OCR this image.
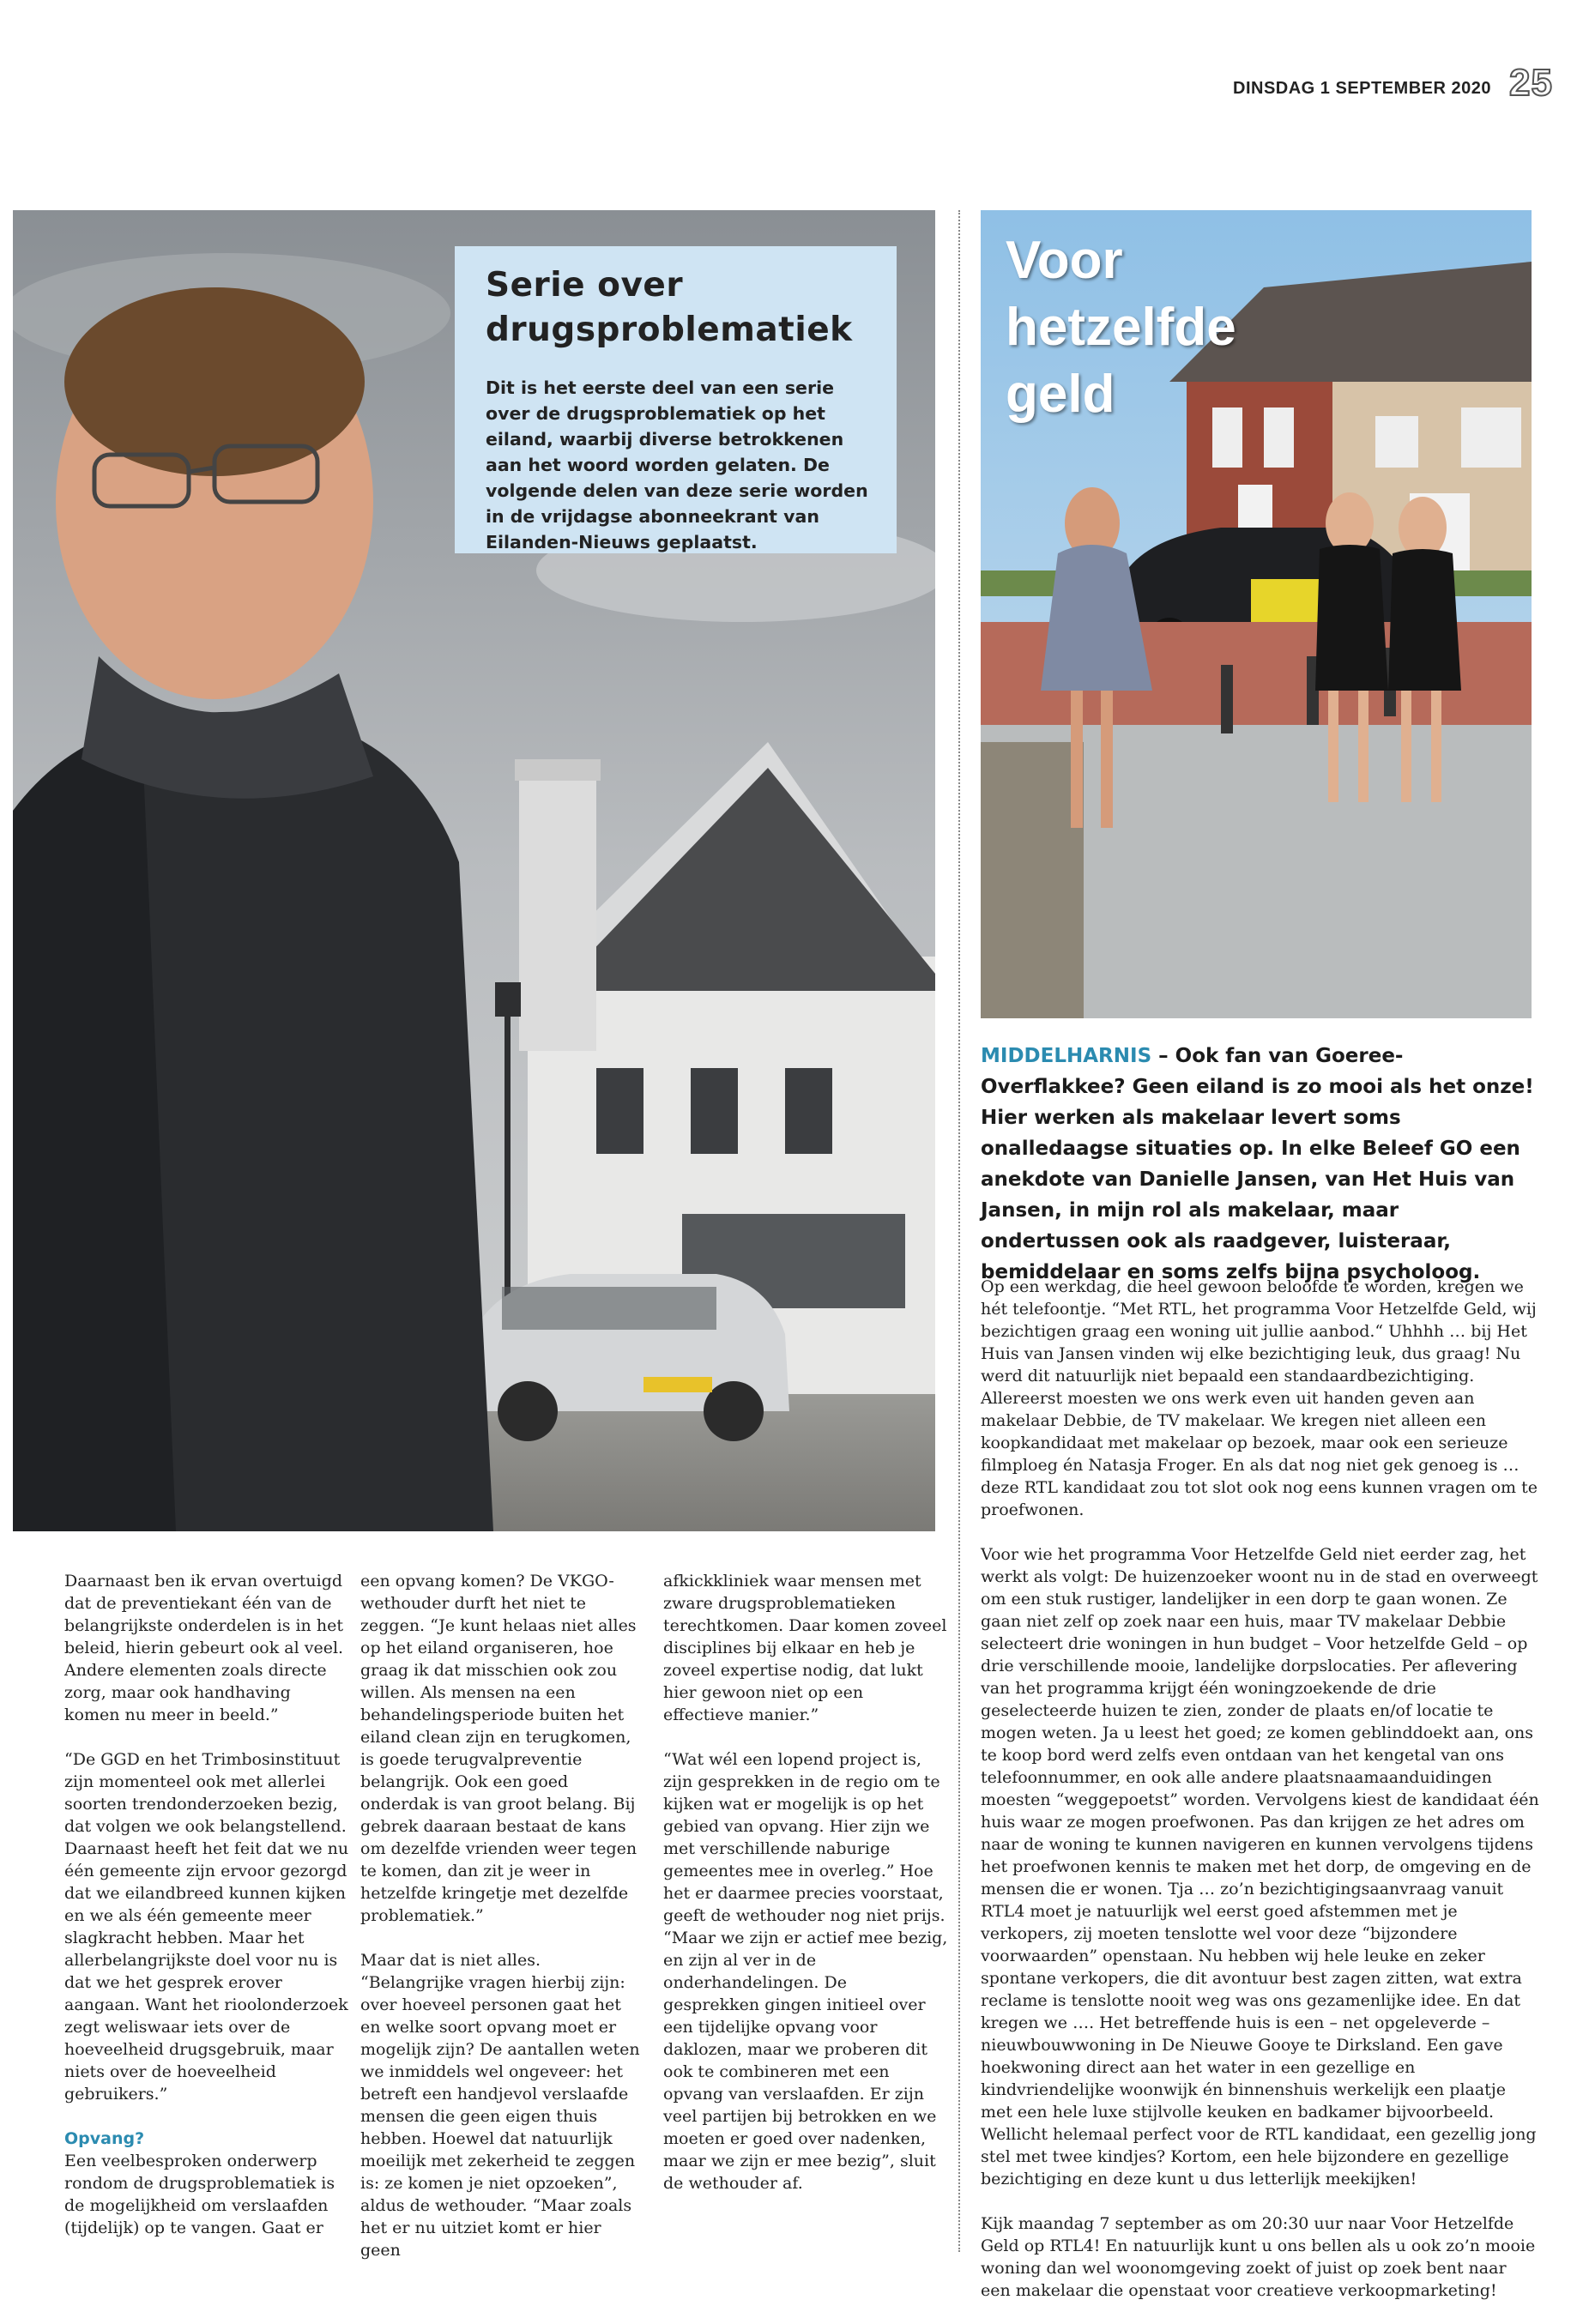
DINSDAG 1 SEPTEMBER 2020 25
Serie over
drugsproblematiek

Dit is het eerste deel van een serie over de drugsproblematiek op het eiland, waarbij diverse betrokkenen aan het woord worden gelaten. De volgende delen van deze serie worden in de vrijdagse abonneekrant van Eilanden-Nieuws geplaatst.

Voor
hetzelfde
geld
MIDDELHARNIS – Ook fan van Goeree-Overflakkee? Geen eiland is zo mooi als het onze! Hier werken als makelaar levert soms onalledaagse situaties op. In elke Beleef GO een anekdote van Danielle Jansen, van Het Huis van Jansen, in mijn rol als makelaar, maar ondertussen ook als raadgever, luisteraar, bemiddelaar en soms zelfs bijna psycholoog.

Op een werkdag, die heel gewoon beloofde te worden, kregen we hét telefoontje. “Met RTL, het programma Voor Hetzelfde Geld, wij bezichtigen graag een woning uit jullie aanbod.“ Uhhhh … bij Het Huis van Jansen vinden wij elke bezichtiging leuk, dus graag! Nu werd dit natuurlijk niet bepaald een standaardbezichtiging. Allereerst moesten we ons werk even uit handen geven aan makelaar Debbie, de TV makelaar. We kregen niet alleen een koopkandidaat met makelaar op bezoek, maar ook een serieuze filmploeg én Natasja Froger. En als dat nog niet gek genoeg is … deze RTL kandidaat zou tot slot ook nog eens kunnen vragen om te proefwonen.

Voor wie het programma Voor Hetzelfde Geld niet eerder zag, het werkt als volgt: De huizenzoeker woont nu in de stad en overweegt om een stuk rustiger, landelijker in een dorp te gaan wonen. Ze gaan niet zelf op zoek naar een huis, maar TV makelaar Debbie selecteert drie woningen in hun budget – Voor hetzelfde Geld – op drie verschillende mooie, landelijke dorpslocaties. Per aflevering van het programma krijgt één woningzoekende de drie geselecteerde huizen te zien, zonder de plaats en/of locatie te mogen weten. Ja u leest het goed; ze komen geblinddoekt aan, ons te koop bord werd zelfs even ontdaan van het kengetal van ons telefoonnummer, en ook alle andere plaatsnaamaanduidingen moesten “weggepoetst” worden. Vervolgens kiest de kandidaat één huis waar ze mogen proefwonen. Pas dan krijgen ze het adres om naar de woning te kunnen navigeren en kunnen vervolgens tijdens het proefwonen kennis te maken met het dorp, de omgeving en de mensen die er wonen. Tja … zo’n bezichtigingsaanvraag vanuit RTL4 moet je natuurlijk wel eerst goed afstemmen met je verkopers, zij moeten tenslotte wel voor deze “bijzondere voorwaarden” openstaan. Nu hebben wij hele leuke en zeker spontane verkopers, die dit avontuur best zagen zitten, wat extra reclame is tenslotte nooit weg was ons gezamenlijke idee. En dat kregen we …. Het betreffende huis is een – net opgeleverde – nieuwbouwwoning in De Nieuwe Gooye te Dirksland. Een gave hoekwoning direct aan het water in een gezellige en kindvriendelijke woonwijk én binnenshuis werkelijk een plaatje met een hele luxe stijlvolle keuken en badkamer bijvoorbeeld. Wellicht helemaal perfect voor de RTL kandidaat, een gezellig jong stel met twee kindjes? Kortom, een hele bijzondere en gezellige bezichtiging en deze kunt u dus letterlijk meekijken!

Kijk maandag 7 september as om 20:30 uur naar Voor Hetzelfde Geld op RTL4! En natuurlijk kunt u ons bellen als u ook zo’n mooie woning dan wel woonomgeving zoekt of juist op zoek bent naar een makelaar die openstaat voor creatieve verkoopmarketing!

Daarnaast ben ik ervan overtuigd dat de preventiekant één van de belangrijkste onderdelen is in het beleid, hierin gebeurt ook al veel. Andere elementen zoals directe zorg, maar ook handhaving komen nu meer in beeld.”

“De GGD en het Trimbosinstituut zijn momenteel ook met allerlei soorten trendonderzoeken bezig, dat volgen we ook belangstellend. Daarnaast heeft het feit dat we nu één gemeente zijn ervoor gezorgd dat we eilandbreed kunnen kijken en we als één gemeente meer slagkracht hebben. Maar het allerbelangrijkste doel voor nu is dat we het gesprek erover aangaan. Want het rioolonderzoek zegt weliswaar iets over de hoeveelheid drugsgebruik, maar niets over de hoeveelheid gebruikers.”

Opvang?

Een veelbesproken onderwerp rondom de drugsproblematiek is de mogelijkheid om verslaafden (tijdelijk) op te vangen. Gaat er

een opvang komen? De VKGO-wethouder durft het niet te zeggen. “Je kunt helaas niet alles op het eiland organiseren, hoe graag ik dat misschien ook zou willen. Als mensen na een behandelingsperiode buiten het eiland clean zijn en terugkomen, is goede terugvalpreventie belangrijk. Ook een goed onderdak is van groot belang. Bij gebrek daaraan bestaat de kans om dezelfde vrienden weer tegen te komen, dan zit je weer in hetzelfde kringetje met dezelfde problematiek.”

Maar dat is niet alles. “Belangrijke vragen hierbij zijn: over hoeveel personen gaat het en welke soort opvang moet er mogelijk zijn? De aantallen weten we inmiddels wel ongeveer: het betreft een handjevol verslaafde mensen die geen eigen thuis hebben. Hoewel dat natuurlijk moeilijk met zekerheid te zeggen is: ze komen je niet opzoeken”, aldus de wethouder. “Maar zoals het er nu uitziet komt er hier geen

afkickkliniek waar mensen met zware drugsproblematieken terechtkomen. Daar komen zoveel disciplines bij elkaar en heb je zoveel expertise nodig, dat lukt hier gewoon niet op een effectieve manier.”

“Wat wél een lopend project is, zijn gesprekken in de regio om te kijken wat er mogelijk is op het gebied van opvang. Hier zijn we met verschillende naburige gemeentes mee in overleg.” Hoe het er daarmee precies voorstaat, geeft de wethouder nog niet prijs. “Maar we zijn er actief mee bezig, en zijn al ver in de onderhandelingen. De gesprekken gingen initieel over een tijdelijke opvang voor daklozen, maar we proberen dit ook te combineren met een opvang van verslaafden. Er zijn veel partijen bij betrokken en we moeten er goed over nadenken, maar we zijn er mee bezig”, sluit de wethouder af.
